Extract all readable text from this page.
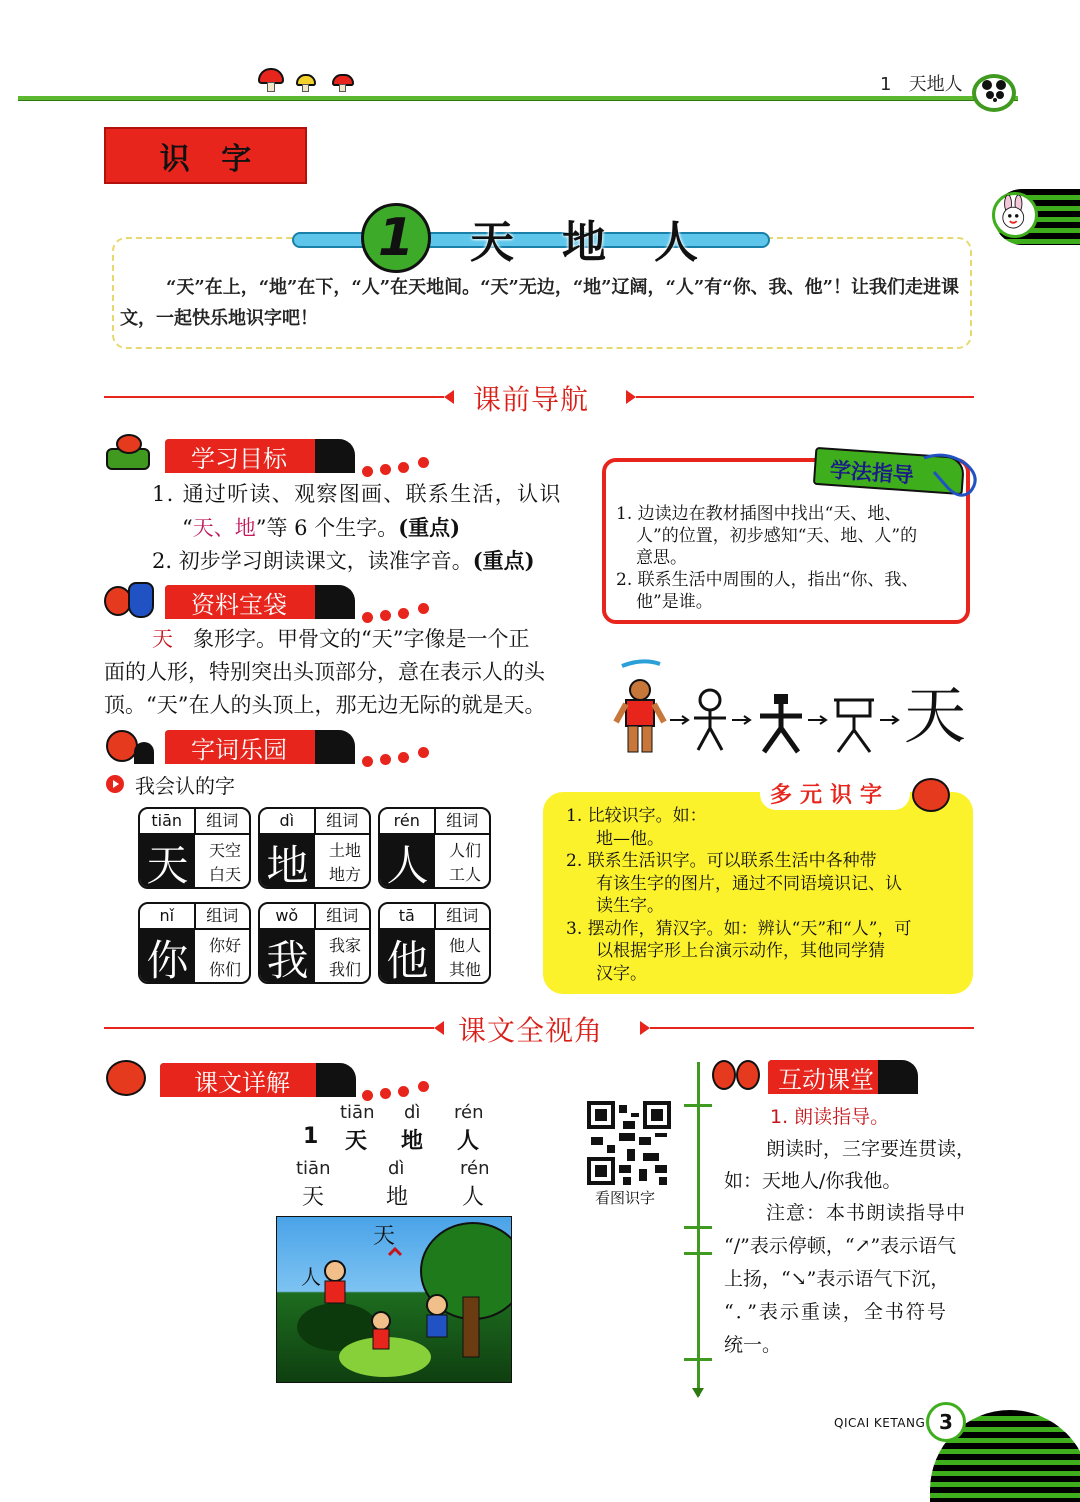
1 天地人
识 字
1	天地人
“天”在上，“地”在下，“人”在天地间。“天”无边，“地”辽阔，“人”有“你、我、他”！让我们走进课文，一起快乐地识字吧！
课前导航
学习目标
1. 通过听读、观察图画、联系生活，认识
“天、地”等 6 个生字。(重点)
2. 初步学习朗读课文，读准字音。(重点)
资料宝袋
天 象形字。甲骨文的“天”字像是一个正
面的人形，特别突出头顶部分，意在表示人的头
顶。“天”在人的头顶上，那无边无际的就是天。
字词乐园
我会认的字
tiān	组词
天	天空
白天
dì	组词
地	土地
地方
rén	组词
人	人们
工人
nǐ	组词
你	你好
你们
wǒ	组词
我	我家
我们
tā	组词
他	他人
其他
学法指导
1. 边读边在教材插图中找出“天、地、
人”的位置，初步感知“天、地、人”的
意思。
2. 联系生活中周围的人，指出“你、我、
他”是谁。
天
多元识字
1. 比较识字。如：
地—他。
2. 联系生活识字。可以联系生活中各种带
有该生字的图片，通过不同语境识记、认
读生字。
3. 摆动作，猜汉字。如：辨认“天”和“人”，可
以根据字形上台演示动作，其他同学猜
汉字。
课文全视角
课文详解
tiān dì rén
1 天 地 人
tiān	dì	rén
天	地 人
天
人
看图识字
互动课堂
1. 朗读指导。
朗读时，三字要连贯读，
如：天地人/你我他。
注意：本书朗读指导中
“/”表示停顿，“↗”表示语气
上扬，“↘”表示语气下沉，
“．”表示重读，全书符号
统一。
QICAI KETANG 3
